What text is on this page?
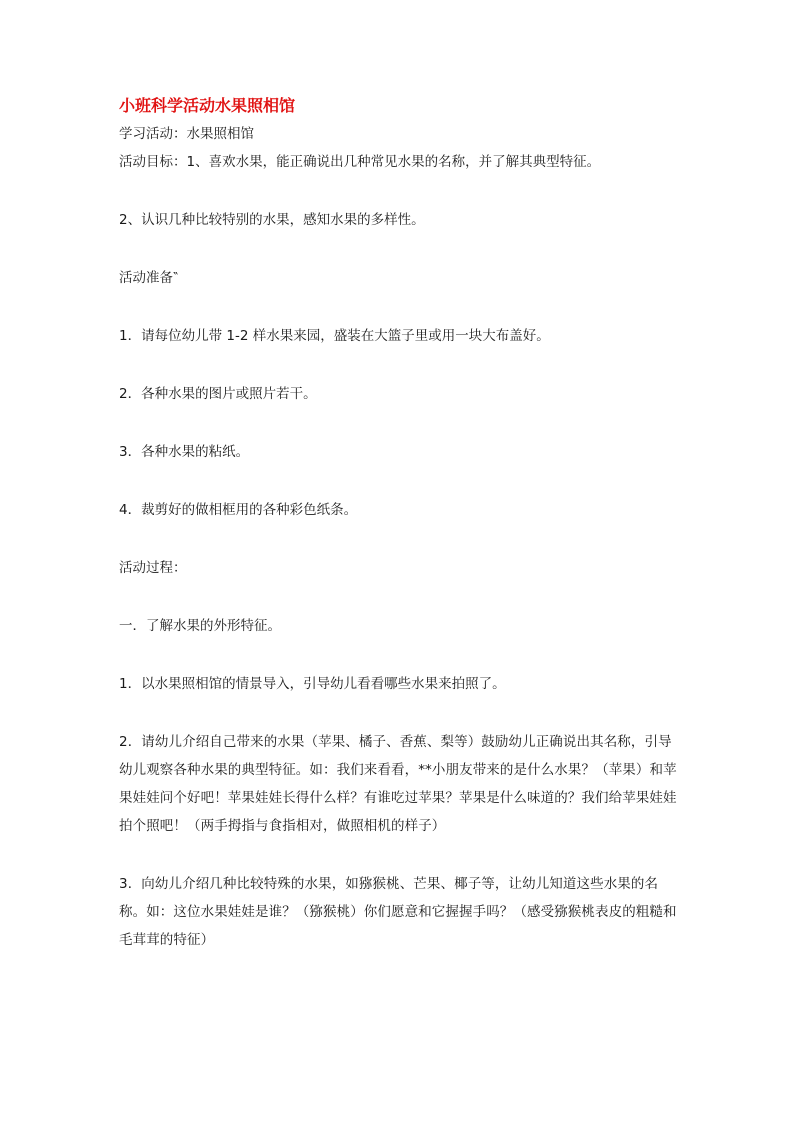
小班科学活动水果照相馆

学习活动：水果照相馆

活动目标：1、喜欢水果，能正确说出几种常见水果的名称，并了解其典型特征。

2、认识几种比较特别的水果，感知水果的多样性。

活动准备‶

1．请每位幼儿带 1-2 样水果来园，盛装在大篮子里或用一块大布盖好。

2．各种水果的图片或照片若干。

3．各种水果的粘纸。

4．裁剪好的做相框用的各种彩色纸条。

活动过程：

一．了解水果的外形特征。

1．以水果照相馆的情景导入，引导幼儿看看哪些水果来拍照了。

2．请幼儿介绍自己带来的水果（苹果、橘子、香蕉、梨等）鼓励幼儿正确说出其名称，引导幼儿观察各种水果的典型特征。如：我们来看看，**小朋友带来的是什么水果？（苹果）和苹果娃娃问个好吧！苹果娃娃长得什么样？有谁吃过苹果？苹果是什么味道的？我们给苹果娃娃拍个照吧！（两手拇指与食指相对，做照相机的样子）

3．向幼儿介绍几种比较特殊的水果，如猕猴桃、芒果、椰子等，让幼儿知道这些水果的名称。如：这位水果娃娃是谁？（猕猴桃）你们愿意和它握握手吗？（感受猕猴桃表皮的粗糙和毛茸茸的特征）
